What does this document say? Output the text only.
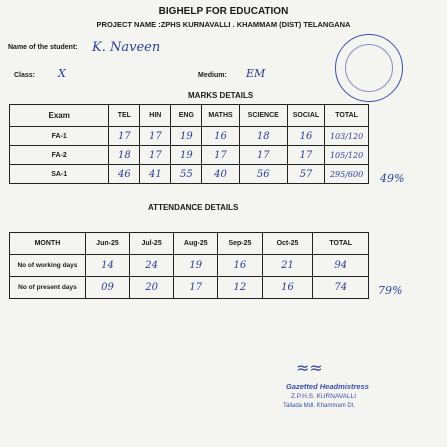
BIGHELP FOR EDUCATION
PROJECT NAME :ZPHS KURNAVALLI . KHAMMAM (DIST) TELANGANA
Name of the student: K. Naveen
Class: X	Medium: EM
MARKS DETAILS
Exam	TEL	HIN	ENG	MATHS	SCIENCE	SOCIAL	TOTAL
FA-1	17	17	19	16	18	16	103/120
FA-2	18	17	19	17	17	17	105/120
SA-1	46	41	55	40	56	57	295/600 49%
ATTENDANCE DETAILS
MONTH	Jun-25	Jul-25	Aug-25	Sep-25	Oct-25	TOTAL
No of working days	14	24	19	16	21	94
No of present days	09	20	17	12	16	74	79%
≈≈
Gazetted Headmistress
Z.P.H.S. KURNAVALLI
Tallada Mdl. Khammam Dt.
